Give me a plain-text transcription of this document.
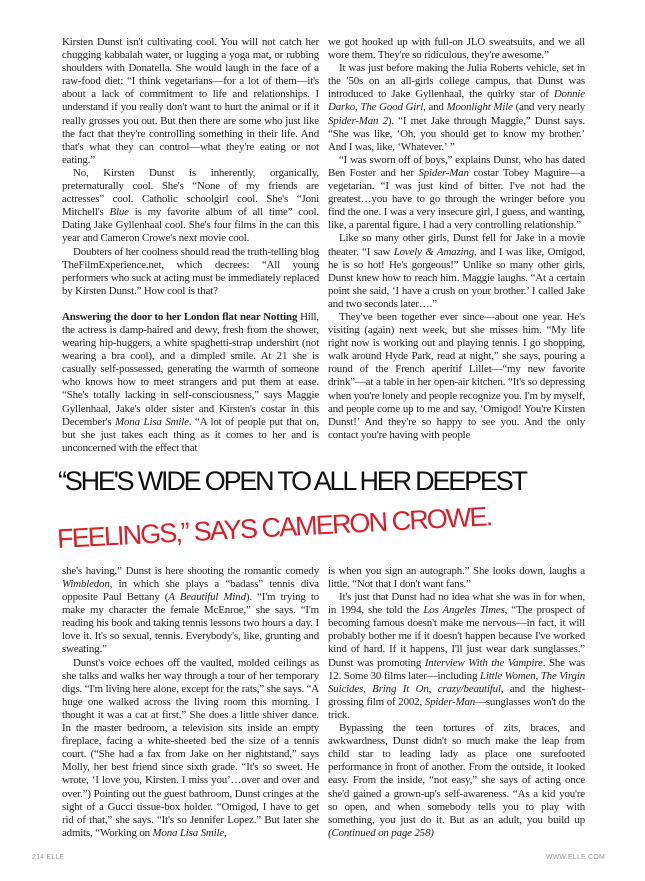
Kirsten Dunst isn't cultivating cool. You will not catch her chugging kabbalah water, or lugging a yoga mat, or rubbing shoulders with Donatella. She would laugh in the face of a raw-food diet: “I think vegetarians—for a lot of them—it's about a lack of commitment to life and relationships. I understand if you really don't want to hurt the animal or if it really grosses you out. But then there are some who just like the fact that they're controlling something in their life. And that's what they can control—what they're eating or not eating.”

No, Kirsten Dunst is inherently, organically, preternaturally cool. She's “None of my friends are actresses” cool. Catholic schoolgirl cool. She's “Joni Mitchell's Blue is my favorite album of all time” cool. Dating Jake Gyllenhaal cool. She's four films in the can this year and Cameron Crowe's next movie cool.

Doubters of her coolness should read the truth-telling blog TheFilmExperience.net, which decrees: “All young performers who suck at acting must be immediately replaced by Kirsten Dunst.” How cool is that?

Answering the door to her London flat near Notting Hill, the actress is damp-haired and dewy, fresh from the shower, wearing hip-huggers, a white spaghetti-strap undershirt (not wearing a bra cool), and a dimpled smile. At 21 she is casually self-possessed, generating the warmth of someone who knows how to meet strangers and put them at ease. “She's totally lacking in self-consciousness,” says Maggie Gyllenhaal, Jake's older sister and Kirsten's costar in this December's Mona Lisa Smile. “A lot of people put that on, but she just takes each thing as it comes to her and is unconcerned with the effect that

we got hooked up with full-on JLO sweatsuits, and we all wore them. They're so ridiculous, they're awesome.”

It was just before making the Julia Roberts vehicle, set in the '50s on an all-girls college campus, that Dunst was introduced to Jake Gyllenhaal, the quirky star of Donnie Darko, The Good Girl, and Moonlight Mile (and very nearly Spider-Man 2). “I met Jake through Maggie,” Dunst says. “She was like, ‘Oh, you should get to know my brother.’ And I was, like, ‘Whatever.’ ”

“I was sworn off of boys,” explains Dunst, who has dated Ben Foster and her Spider-Man costar Tobey Maguire—a vegetarian. “I was just kind of bitter. I've not had the greatest…you have to go through the wringer before you find the one. I was a very insecure girl, I guess, and wanting, like, a parental figure. I had a very controlling relationship.”

Like so many other girls, Dunst fell for Jake in a movie theater. “I saw Lovely & Amazing, and I was like, Omigod, he is so hot! He's gorgeous!” Unlike so many other girls, Dunst knew how to reach him. Maggie laughs. “At a certain point she said, ‘I have a crush on your brother.’ I called Jake and two seconds later….”

They've been together ever since—about one year. He's visiting (again) next week, but she misses him. “My life right now is working out and playing tennis. I go shopping, walk around Hyde Park, read at night,” she says, pouring a round of the French aperitif Lillet—“my new favorite drink”—at a table in her open-air kitchen. “It's so depressing when you're lonely and people recognize you. I'm by myself, and people come up to me and say, ‘Omigod! You're Kirsten Dunst!’ And they're so happy to see you. And the only contact you're having with people

“SHE'S WIDE OPEN TO ALL HER DEEPEST
FEELINGS,” SAYS CAMERON CROWE.

she's having.” Dunst is here shooting the romantic comedy Wimbledon, in which she plays a “badass” tennis diva opposite Paul Bettany (A Beautiful Mind). “I'm trying to make my character the female McEnroe,” she says. “I'm reading his book and taking tennis lessons two hours a day. I love it. It's so sexual, tennis. Everybody's, like, grunting and sweating.”

Dunst's voice echoes off the vaulted, molded ceilings as she talks and walks her way through a tour of her temporary digs. “I'm living here alone, except for the rats,” she says. “A huge one walked across the living room this morning. I thought it was a cat at first.” She does a little shiver dance. In the master bedroom, a television sits inside an empty fireplace, facing a white-sheeted bed the size of a tennis court. (“She had a fax from Jake on her nightstand,” says Molly, her best friend since sixth grade. “It's so sweet. He wrote, ‘I love you, Kirsten. I miss you’…over and over and over.”) Pointing out the guest bathroom, Dunst cringes at the sight of a Gucci tissue-box holder. “Omigod, I have to get rid of that,” she says. “It's so Jennifer Lopez.” But later she admits, “Working on Mona Lisa Smile,

is when you sign an autograph.” She looks down, laughs a little. “Not that I don't want fans.”

It's just that Dunst had no idea what she was in for when, in 1994, she told the Los Angeles Times, “The prospect of becoming famous doesn't make me nervous—in fact, it will probably bother me if it doesn't happen because I've worked kind of hard. If it happens, I'll just wear dark sunglasses.” Dunst was promoting Interview With the Vampire. She was 12. Some 30 films later—including Little Women, The Virgin Suicides, Bring It On, crazy/beautiful, and the highest-grossing film of 2002, Spider-Man—sunglasses won't do the trick.

Bypassing the teen tortures of zits, braces, and awkwardness, Dunst didn't so much make the leap from child star to leading lady as place one surefooted performance in front of another. From the outside, it looked easy. From the inside, “not easy,” she says of acting once she'd gained a grown-up's self-awareness. “As a kid you're so open, and when somebody tells you to play with something, you just do it. But as an adult, you build up (Continued on page 258)

214 ELLE	WWW.ELLE.COM
